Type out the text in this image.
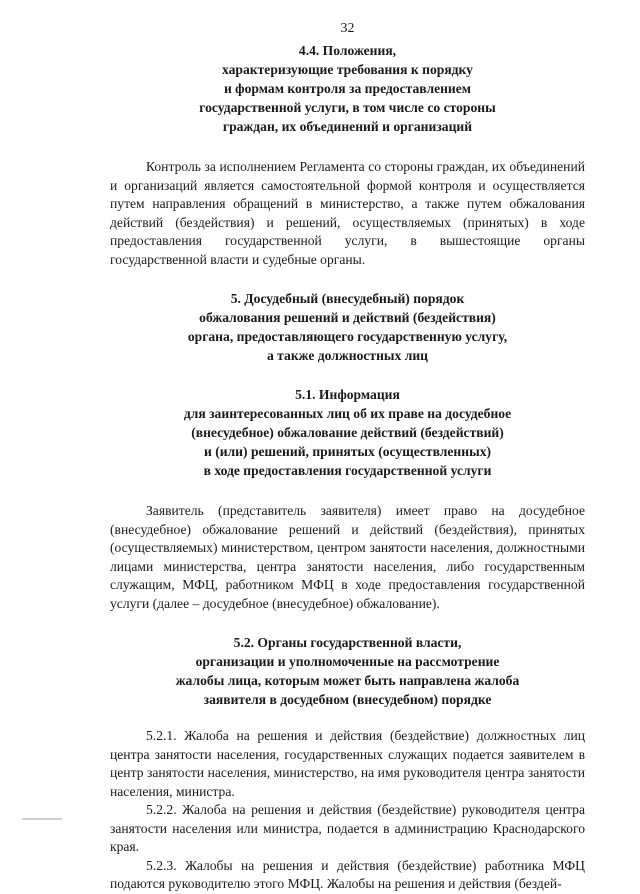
32
4.4. Положения,
характеризующие требования к порядку
и формам контроля за предоставлением
государственной услуги, в том числе со стороны
граждан, их объединений и организаций

Контроль за исполнением Регламента со стороны граждан, их объединений и организаций является самостоятельной формой контроля и осуществляется путем направления обращений в министерство, а также путем обжалования действий (бездействия) и решений, осуществляемых (принятых) в ходе предоставления государственной услуги, в вышестоящие органы государственной власти и судебные органы.

5. Досудебный (внесудебный) порядок
обжалования решений и действий (бездействия)
органа, предоставляющего государственную услугу,
а также должностных лиц
5.1. Информация
для заинтересованных лиц об их праве на досудебное
(внесудебное) обжалование действий (бездействий)
и (или) решений, принятых (осуществленных)
в ходе предоставления государственной услуги

Заявитель (представитель заявителя) имеет право на досудебное (внесудебное) обжалование решений и действий (бездействия), принятых (осуществляемых) министерством, центром занятости населения, должностными лицами министерства, центра занятости населения, либо государственным служащим, МФЦ, работником МФЦ в ходе предоставления государственной услуги (далее – досудебное (внесудебное) обжалование).

5.2. Органы государственной власти,
организации и уполномоченные на рассмотрение
жалобы лица, которым может быть направлена жалоба
заявителя в досудебном (внесудебном) порядке

5.2.1. Жалоба на решения и действия (бездействие) должностных лиц центра занятости населения, государственных служащих подается заявителем в центр занятости населения, министерство, на имя руководителя центра занятости населения, министра.

5.2.2. Жалоба на решения и действия (бездействие) руководителя центра занятости населения или министра, подается в администрацию Краснодарского края.

5.2.3. Жалобы на решения и действия (бездействие) работника МФЦ подаются руководителю этого МФЦ. Жалобы на решения и действия (бездей-
